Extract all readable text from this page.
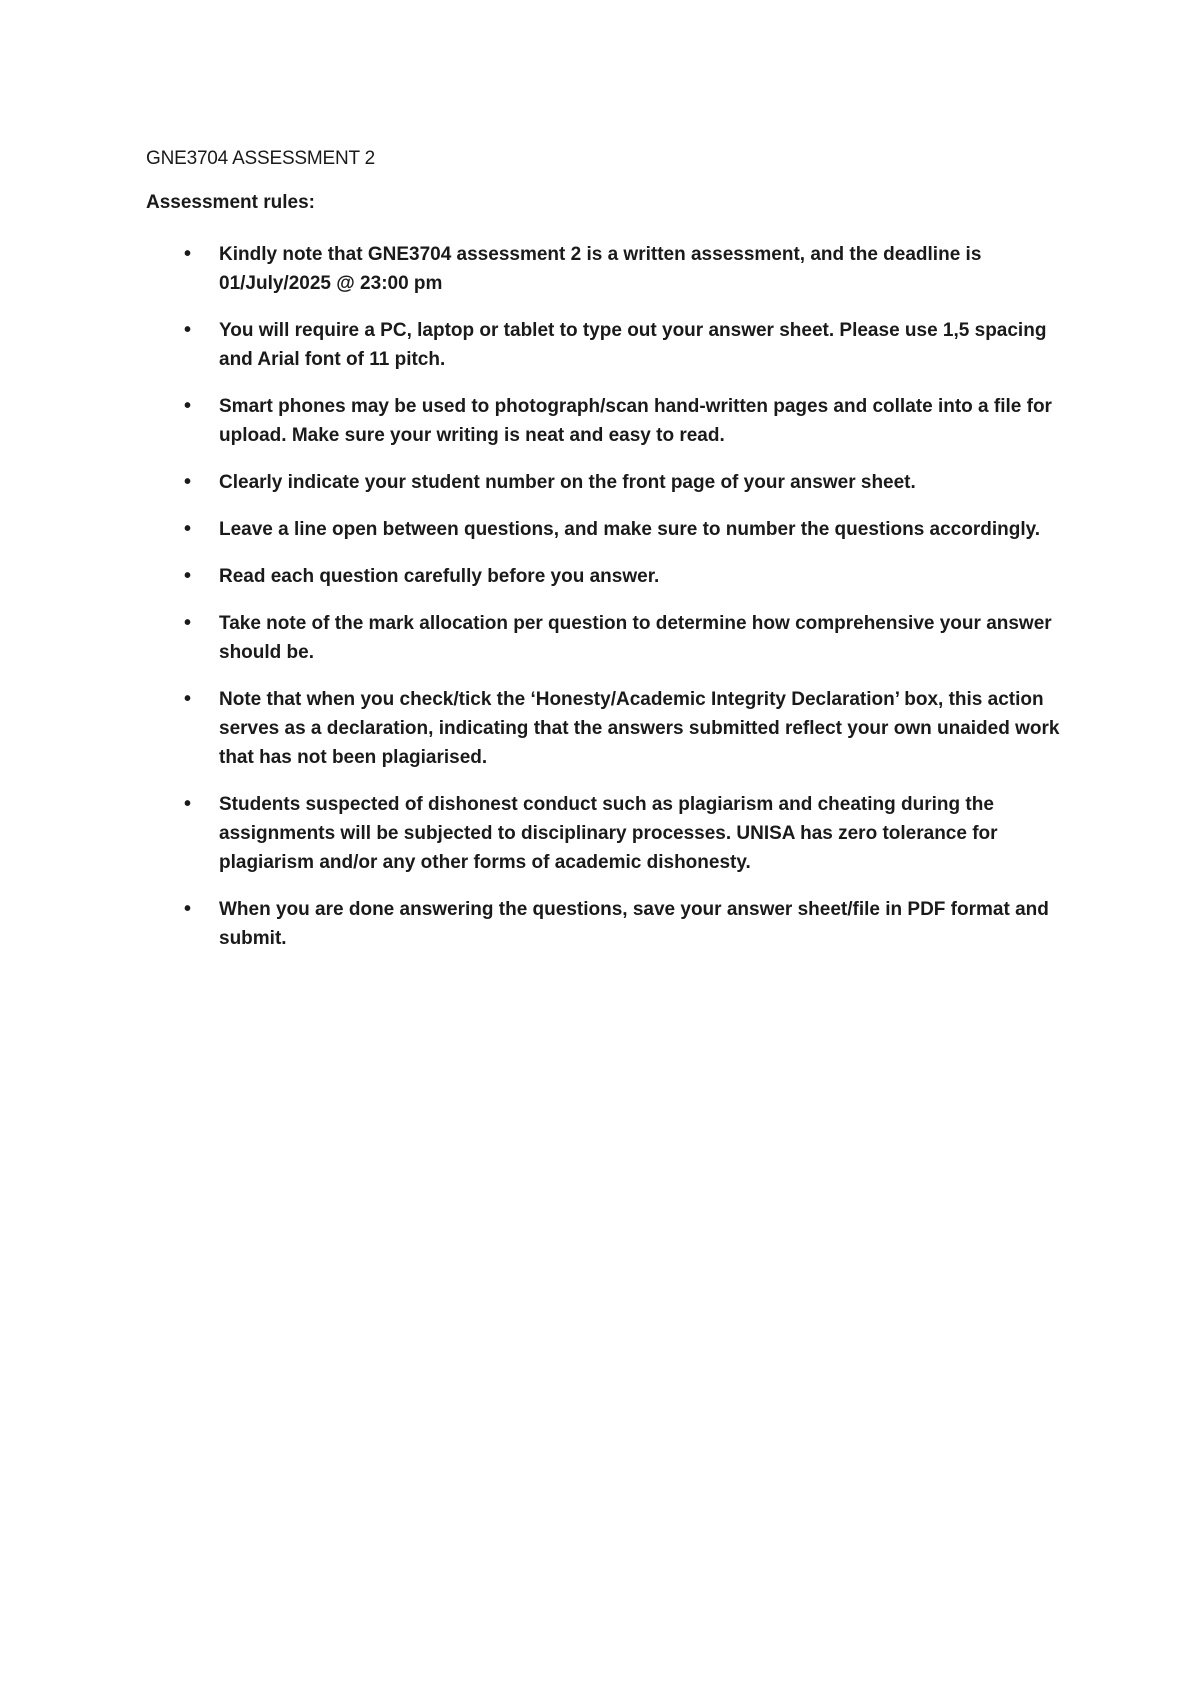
GNE3704 ASSESSMENT 2

Assessment rules:

• Kindly note that GNE3704 assessment 2 is a written assessment, and the deadline is 01/July/2025 @ 23:00 pm
• You will require a PC, laptop or tablet to type out your answer sheet. Please use 1,5 spacing and Arial font of 11 pitch.
• Smart phones may be used to photograph/scan hand-written pages and collate into a file for upload. Make sure your writing is neat and easy to read.
• Clearly indicate your student number on the front page of your answer sheet.
• Leave a line open between questions, and make sure to number the questions accordingly.
• Read each question carefully before you answer.
• Take note of the mark allocation per question to determine how comprehensive your answer should be.
• Note that when you check/tick the ‘Honesty/Academic Integrity Declaration’ box, this action serves as a declaration, indicating that the answers submitted reflect your own unaided work that has not been plagiarised.
• Students suspected of dishonest conduct such as plagiarism and cheating during the assignments will be subjected to disciplinary processes. UNISA has zero tolerance for plagiarism and/or any other forms of academic dishonesty.
• When you are done answering the questions, save your answer sheet/file in PDF format and submit.
